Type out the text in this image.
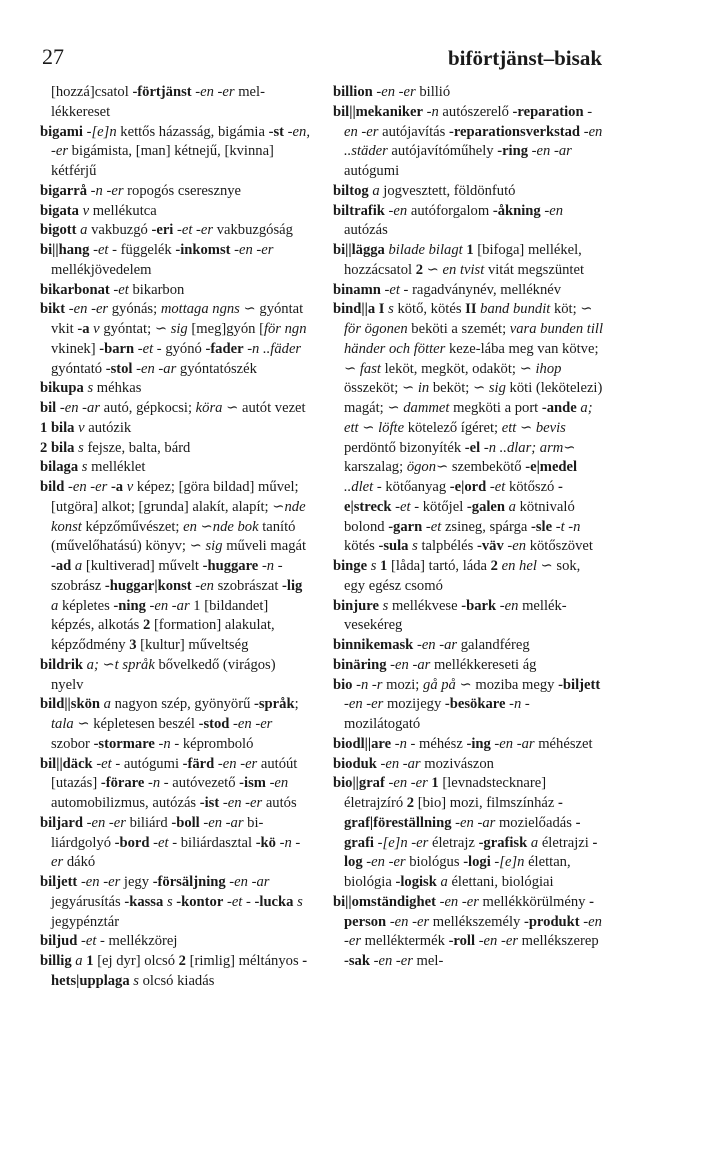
27	biförtjänst–bisak

[hozzá]csatol -förtjänst -en -er mellékkereset

bigami -[e]n kettős házasság, bigámia -st -en, -er bigámista, [man] kétnejű, [kvinna] kétférjű

bigarrå -n -er ropogós cseresznye

bigata v mellékutca

bigott a vakbuzgó -eri -et -er vakbuzgóság

bi||hang -et - függelék -inkomst -en -er mellékjövedelem

bikarbonat -et bikarbon

bikt -en -er gyónás; mottaga ngns ∽ gyóntat vkit -a v gyóntat; ∽ sig [meg]gyón [för ngn vkinek] -barn -et - gyónó -fader -n ..fäder gyóntató -stol -en -ar gyóntatószék

bikupa s méhkas

bil -en -ar autó, gépkocsi; köra ∽ autót vezet

1 bila v autózik

2 bila s fejsze, balta, bárd

bilaga s melléklet

bild -en -er -a v képez; [göra bildad] művel; [utgöra] alkot; [grunda] alakít, alapít; ∽nde konst képzőművészet; en ∽nde bok tanító (művelőhatású) könyv; ∽ sig műveli magát -ad a [kultiverad] művelt -huggare -n - szobrász -huggar|konst -en szobrászat -lig a képletes -ning -en -ar 1 [bildandet] képzés, alkotás 2 [formation] alakulat, képződmény 3 [kultur] műveltség

bildrik a; ∽t språk bővelkedő (virágos) nyelv

bild||skön a nagyon szép, gyönyörű -språk; tala ∽ képletesen beszél -stod -en -er szobor -stormare -n - képromboló

bil||däck -et - autógumi -färd -en -er autóút [utazás] -förare -n - autóvezető -ism -en automobilizmus, autózás -ist -en -er autós

biljard -en -er biliárd -boll -en -ar biliárdgolyó -bord -et - biliárdasztal -kö -n -er dákó

biljett -en -er jegy -försäljning -en -ar jegyárusítás -kassa s -kontor -et - -lucka s jegypénztár

biljud -et - mellékzörej

billig a 1 [ej dyr] olcsó 2 [rimlig] méltányos -hets|upplaga s olcsó kiadás

billion -en -er billió

bil||mekaniker -n autószerelő -reparation -en -er autójavítás -reparationsverkstad -en ..städer autójavítóműhely -ring -en -ar autógumi

biltog a jogvesztett, földönfutó

biltrafik -en autóforgalom -åkning -en autózás

bi||lägga bilade bilagt 1 [bifoga] mellékel, hozzácsatol 2 ∽ en tvist vitát megszüntet

binamn -et - ragadványnév, melléknév

bind||a I s kötő, kötés II band bundit köt; ∽ för ögonen beköti a szemét; vara bunden till händer och fötter keze-lába meg van kötve; ∽ fast leköt, megköt, odaköt; ∽ ihop összeköt; ∽ in beköt; ∽ sig köti (lekötelezi) magát; ∽ dammet megköti a port -ande a; ett ∽ löfte kötelező ígéret; ett ∽ bevis perdöntő bizonyíték -el -n ..dlar; arm∽ karszalag; ögon∽ szembekötő -e|medel ..dlet - kötőanyag -e|ord -et kötőszó -e|streck -et - kötőjel -galen a kötnivaló bolond -garn -et zsineg, spárga -sle -t -n kötés -sula s talpbélés -väv -en kötőszövet

binge s 1 [låda] tartó, láda 2 en hel ∽ sok, egy egész csomó

binjure s mellékvese -bark -en mellékvesekéreg

binnikemask -en -ar galandféreg

binäring -en -ar mellékkereseti ág

bio -n -r mozi; gå på ∽ moziba megy -biljett -en -er mozijegy -besökare -n - mozilátogató

biodl||are -n - méhész -ing -en -ar méhészet

bioduk -en -ar mozivászon

bio||graf -en -er 1 [levnadstecknare] életrajzíró 2 [bio] mozi, filmszínház -graf|föreställning -en -ar mozielőadás -grafi -[e]n -er életrajz -grafisk a életrajzi -log -en -er biológus -logi -[e]n élettan, biológia -logisk a élettani, biológiai

bi||omständighet -en -er mellékkörülmény -person -en -er mellékszemély -produkt -en -er melléktermék -roll -en -er mellékszerep -sak -en -er mel-
